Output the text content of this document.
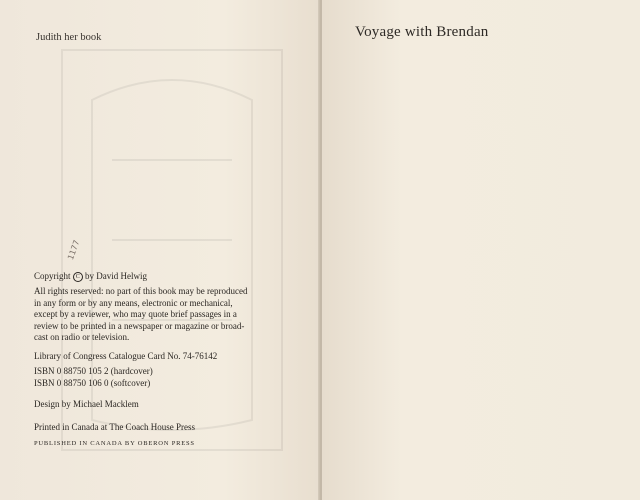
Judith her book
1177
Copyright C by David Helwig
All rights reserved: no part of this book may be reproduced
in any form or by any means, electronic or mechanical,
except by a reviewer, who may quote brief passages in a
review to be printed in a newspaper or magazine or broad-
cast on radio or television.
Library of Congress Catalogue Card No. 74-76142
ISBN 0 88750 105 2 (hardcover)
ISBN 0 88750 106 0 (softcover)
Design by Michael Macklem
Printed in Canada at The Coach House Press
PUBLISHED IN CANADA BY OBERON PRESS
Voyage with Brendan
